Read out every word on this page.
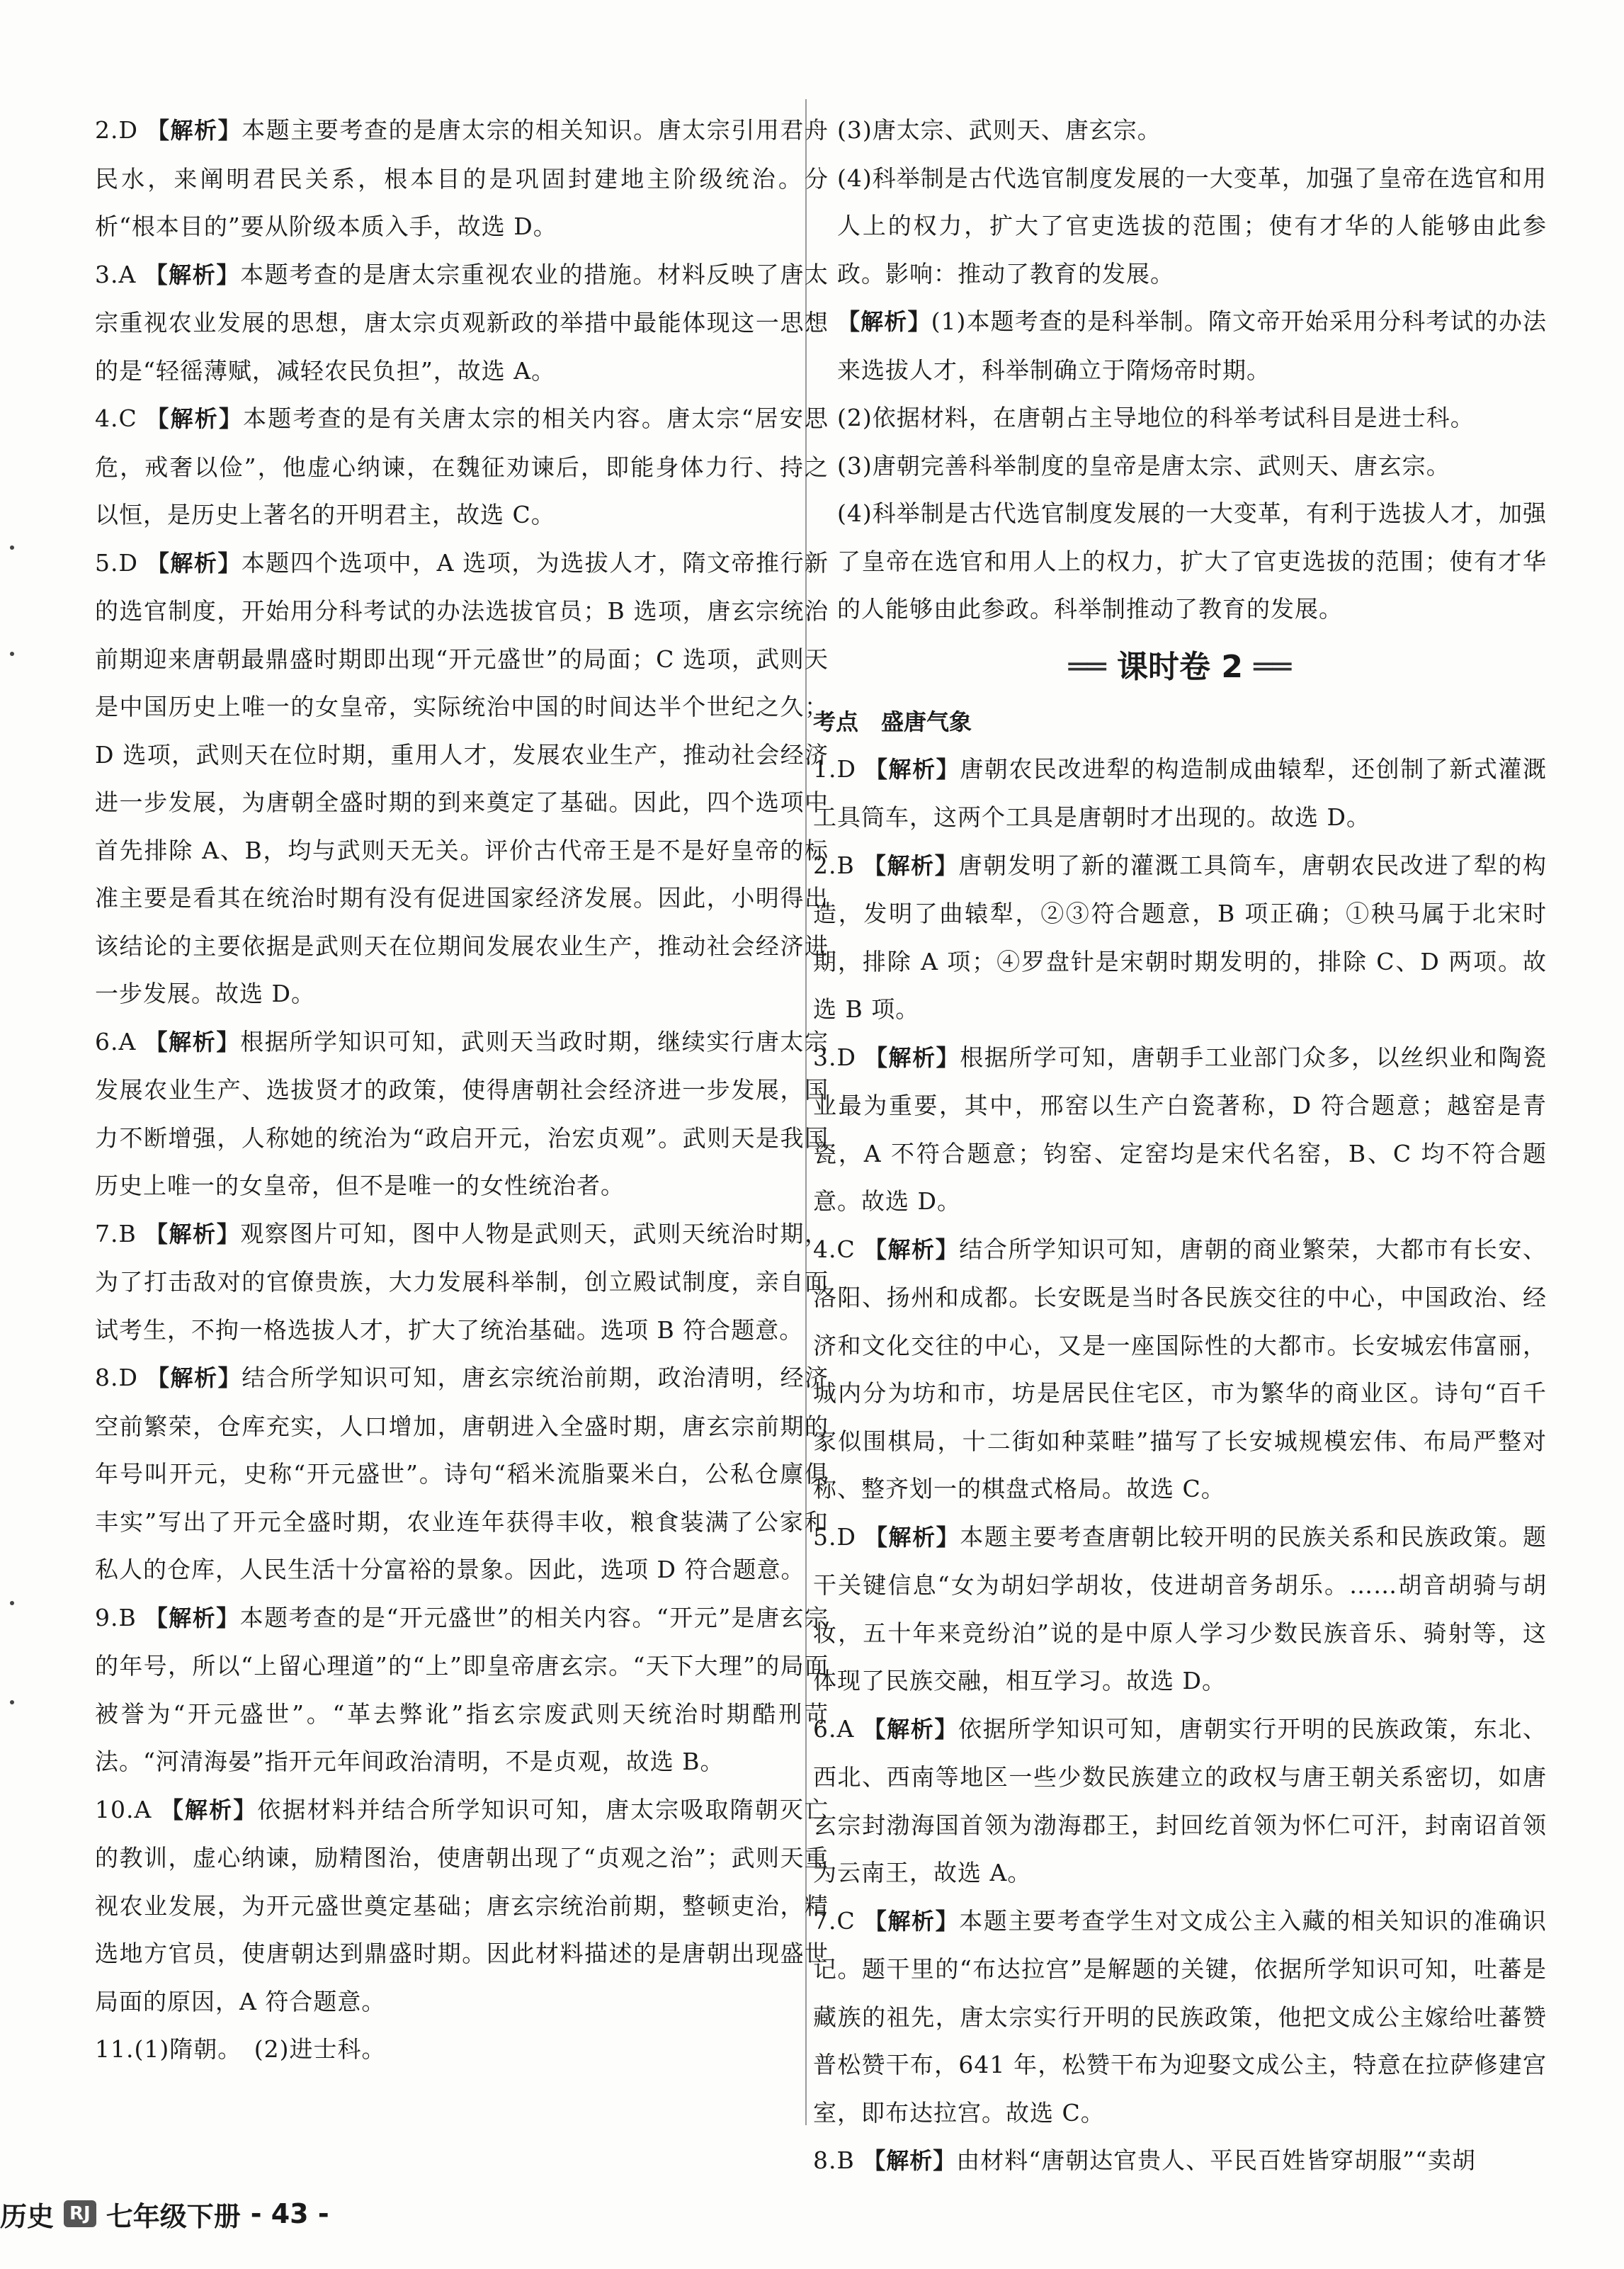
2.D 【解析】本题主要考查的是唐太宗的相关知识。唐太宗引用君舟民水，来阐明君民关系，根本目的是巩固封建地主阶级统治。分析“根本目的”要从阶级本质入手，故选 D。

3.A 【解析】本题考查的是唐太宗重视农业的措施。材料反映了唐太宗重视农业发展的思想，唐太宗贞观新政的举措中最能体现这一思想的是“轻徭薄赋，减轻农民负担”，故选 A。

4.C 【解析】本题考查的是有关唐太宗的相关内容。唐太宗“居安思危，戒奢以俭”，他虚心纳谏，在魏征劝谏后，即能身体力行、持之以恒，是历史上著名的开明君主，故选 C。

5.D 【解析】本题四个选项中，A 选项，为选拔人才，隋文帝推行新的选官制度，开始用分科考试的办法选拔官员；B 选项，唐玄宗统治前期迎来唐朝最鼎盛时期即出现“开元盛世”的局面；C 选项，武则天是中国历史上唯一的女皇帝，实际统治中国的时间达半个世纪之久；D 选项，武则天在位时期，重用人才，发展农业生产，推动社会经济进一步发展，为唐朝全盛时期的到来奠定了基础。因此，四个选项中首先排除 A、B，均与武则天无关。评价古代帝王是不是好皇帝的标准主要是看其在统治时期有没有促进国家经济发展。因此，小明得出该结论的主要依据是武则天在位期间发展农业生产，推动社会经济进一步发展。故选 D。

6.A 【解析】根据所学知识可知，武则天当政时期，继续实行唐太宗发展农业生产、选拔贤才的政策，使得唐朝社会经济进一步发展，国力不断增强，人称她的统治为“政启开元，治宏贞观”。武则天是我国历史上唯一的女皇帝，但不是唯一的女性统治者。

7.B 【解析】观察图片可知，图中人物是武则天，武则天统治时期，为了打击敌对的官僚贵族，大力发展科举制，创立殿试制度，亲自面试考生，不拘一格选拔人才，扩大了统治基础。选项 B 符合题意。

8.D 【解析】结合所学知识可知，唐玄宗统治前期，政治清明，经济空前繁荣，仓库充实，人口增加，唐朝进入全盛时期，唐玄宗前期的年号叫开元，史称“开元盛世”。诗句“稻米流脂粟米白，公私仓廪俱丰实”写出了开元全盛时期，农业连年获得丰收，粮食装满了公家和私人的仓库，人民生活十分富裕的景象。因此，选项 D 符合题意。

9.B 【解析】本题考查的是“开元盛世”的相关内容。“开元”是唐玄宗的年号，所以“上留心理道”的“上”即皇帝唐玄宗。“天下大理”的局面被誉为“开元盛世”。“革去弊讹”指玄宗废武则天统治时期酷刑苛法。“河清海晏”指开元年间政治清明，不是贞观，故选 B。

10.A 【解析】依据材料并结合所学知识可知，唐太宗吸取隋朝灭亡的教训，虚心纳谏，励精图治，使唐朝出现了“贞观之治”；武则天重视农业发展，为开元盛世奠定基础；唐玄宗统治前期，整顿吏治，精选地方官员，使唐朝达到鼎盛时期。因此材料描述的是唐朝出现盛世局面的原因，A 符合题意。

11.(1)隋朝。　(2)进士科。

(3)唐太宗、武则天、唐玄宗。

(4)科举制是古代选官制度发展的一大变革，加强了皇帝在选官和用人上的权力，扩大了官吏选拔的范围；使有才华的人能够由此参政。影响：推动了教育的发展。

【解析】(1)本题考查的是科举制。隋文帝开始采用分科考试的办法来选拔人才，科举制确立于隋炀帝时期。

(2)依据材料，在唐朝占主导地位的科举考试科目是进士科。

(3)唐朝完善科举制度的皇帝是唐太宗、武则天、唐玄宗。

(4)科举制是古代选官制度发展的一大变革，有利于选拔人才，加强了皇帝在选官和用人上的权力，扩大了官吏选拔的范围；使有才华的人能够由此参政。科举制推动了教育的发展。

══ 课时卷 2 ══
考点　盛唐气象

1.D 【解析】唐朝农民改进犁的构造制成曲辕犁，还创制了新式灌溉工具筒车，这两个工具是唐朝时才出现的。故选 D。

2.B 【解析】唐朝发明了新的灌溉工具筒车，唐朝农民改进了犁的构造，发明了曲辕犁，②③符合题意，B 项正确；①秧马属于北宋时期，排除 A 项；④罗盘针是宋朝时期发明的，排除 C、D 两项。故选 B 项。

3.D 【解析】根据所学可知，唐朝手工业部门众多，以丝织业和陶瓷业最为重要，其中，邢窑以生产白瓷著称，D 符合题意；越窑是青瓷，A 不符合题意；钧窑、定窑均是宋代名窑，B、C 均不符合题意。故选 D。

4.C 【解析】结合所学知识可知，唐朝的商业繁荣，大都市有长安、洛阳、扬州和成都。长安既是当时各民族交往的中心，中国政治、经济和文化交往的中心，又是一座国际性的大都市。长安城宏伟富丽，城内分为坊和市，坊是居民住宅区，市为繁华的商业区。诗句“百千家似围棋局，十二街如种菜畦”描写了长安城规模宏伟、布局严整对称、整齐划一的棋盘式格局。故选 C。

5.D 【解析】本题主要考查唐朝比较开明的民族关系和民族政策。题干关键信息“女为胡妇学胡妆，伎进胡音务胡乐。……胡音胡骑与胡妆，五十年来竞纷泊”说的是中原人学习少数民族音乐、骑射等，这体现了民族交融，相互学习。故选 D。

6.A 【解析】依据所学知识可知，唐朝实行开明的民族政策，东北、西北、西南等地区一些少数民族建立的政权与唐王朝关系密切，如唐玄宗封渤海国首领为渤海郡王，封回纥首领为怀仁可汗，封南诏首领为云南王，故选 A。

7.C 【解析】本题主要考查学生对文成公主入藏的相关知识的准确识记。题干里的“布达拉宫”是解题的关键，依据所学知识可知，吐蕃是藏族的祖先，唐太宗实行开明的民族政策，他把文成公主嫁给吐蕃赞普松赞干布，641 年，松赞干布为迎娶文成公主，特意在拉萨修建宫室，即布达拉宫。故选 C。

8.B 【解析】由材料“唐朝达官贵人、平民百姓皆穿胡服”“卖胡

历史 RJ 七年级下册 - 43 -
